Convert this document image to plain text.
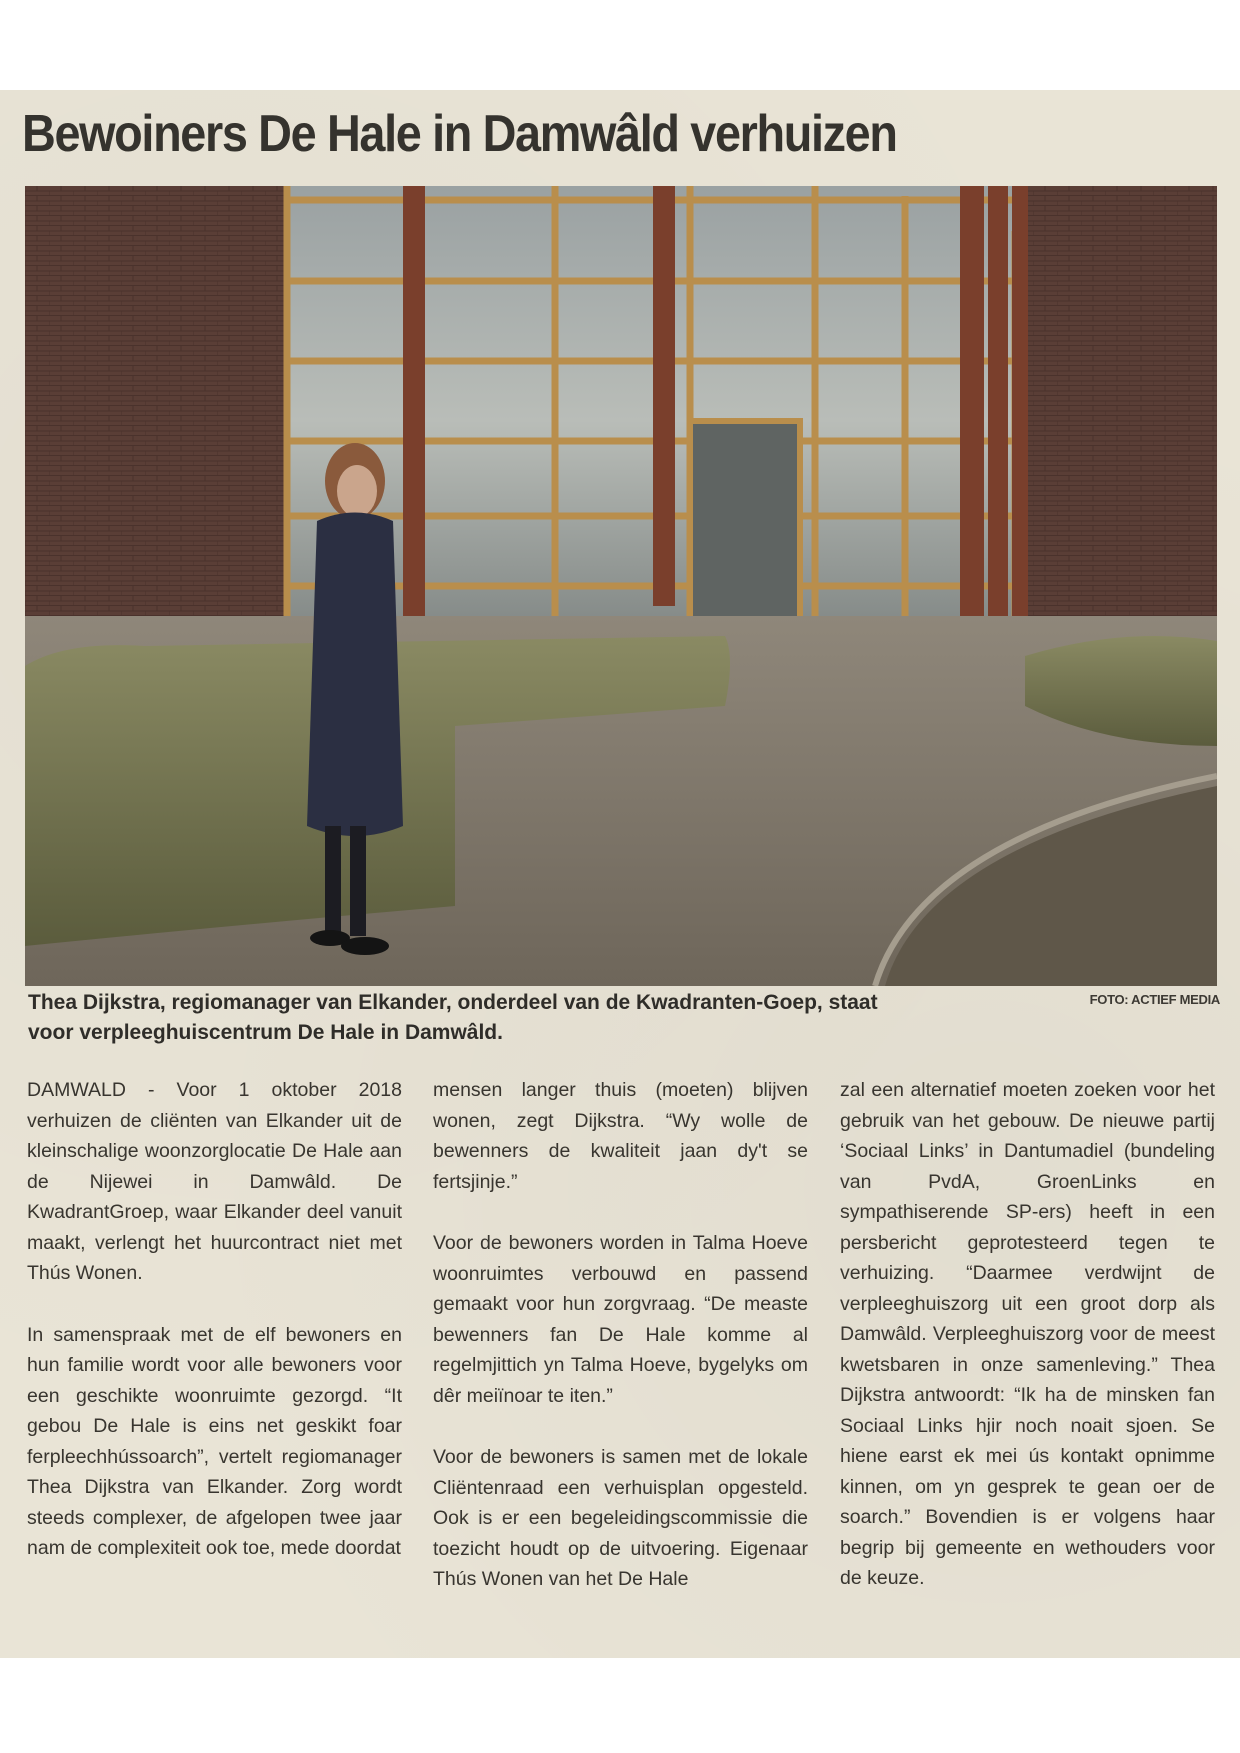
Bewoiners De Hale in Damwâld verhuizen

Thea Dijkstra, regiomanager van Elkander, onderdeel van de Kwadranten-Goep, staat voor verpleeghuiscentrum De Hale in Damwâld.

FOTO: ACTIEF MEDIA

DAMWALD - Voor 1 oktober 2018 verhuizen de cliënten van Elkander uit de kleinschalige woonzorglocatie De Hale aan de Nijewei in Damwâld. De KwadrantGroep, waar Elkander deel vanuit maakt, verlengt het huurcontract niet met Thús Wonen.

In samenspraak met de elf bewoners en hun familie wordt voor alle bewoners voor een geschikte woonruimte gezorgd. “It gebou De Hale is eins net geskikt foar ferpleechhússoarch”, vertelt regiomanager Thea Dijkstra van Elkander. Zorg wordt steeds complexer, de afgelopen twee jaar nam de complexiteit ook toe, mede doordat

mensen langer thuis (moeten) blijven wonen, zegt Dijkstra. “Wy wolle de bewenners de kwaliteit jaan dy't se fertsjinje.”

Voor de bewoners worden in Talma Hoeve woonruimtes verbouwd en passend gemaakt voor hun zorgvraag. “De measte bewenners fan De Hale komme al regelmjittich yn Talma Hoeve, bygelyks om dêr meiïnoar te iten.”

Voor de bewoners is samen met de lokale Cliëntenraad een verhuisplan opgesteld. Ook is er een begeleidingscommissie die toezicht houdt op de uitvoering. Eigenaar Thús Wonen van het De Hale

zal een alternatief moeten zoeken voor het gebruik van het gebouw. De nieuwe partij ‘Sociaal Links’ in Dantumadiel (bundeling van PvdA, GroenLinks en sympathiserende SP-ers) heeft in een persbericht geprotesteerd tegen te verhuizing. “Daarmee verdwijnt de verpleeghuiszorg uit een groot dorp als Damwâld. Verpleeghuiszorg voor de meest kwetsbaren in onze samenleving.” Thea Dijkstra antwoordt: “Ik ha de minsken fan Sociaal Links hjir noch noait sjoen. Se hiene earst ek mei ús kontakt opnimme kinnen, om yn gesprek te gean oer de soarch.” Bovendien is er volgens haar begrip bij gemeente en wethouders voor de keuze.
